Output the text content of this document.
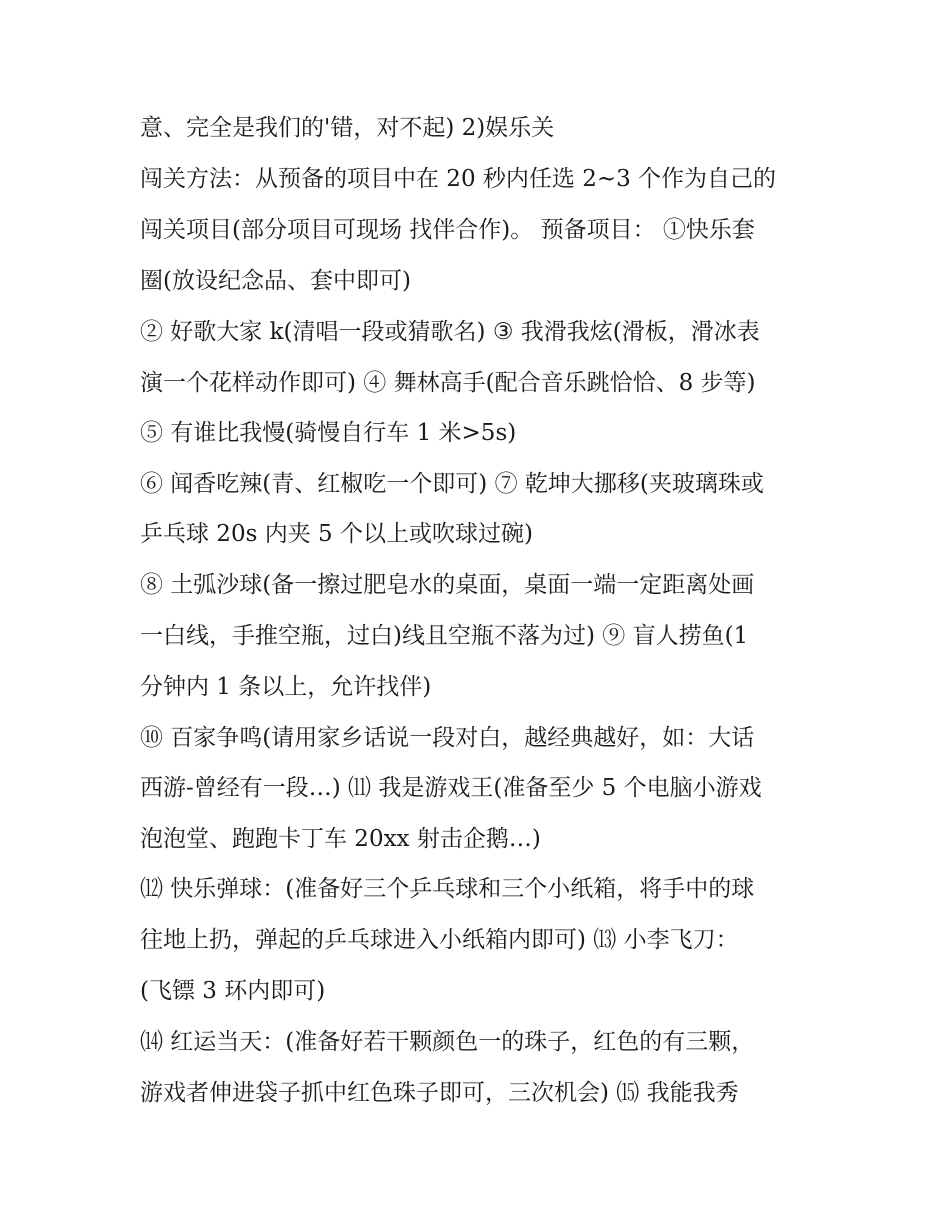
意、完全是我们的'错，对不起) 2)娱乐关
闯关方法：从预备的项目中在 20 秒内任选 2~3 个作为自己的
闯关项目(部分项目可现场 找伴合作)。 预备项目： ①快乐套
圈(放设纪念品、套中即可)
② 好歌大家 k(清唱一段或猜歌名) ③ 我滑我炫(滑板，滑冰表
演一个花样动作即可) ④ 舞林高手(配合音乐跳恰恰、8 步等)
⑤ 有谁比我慢(骑慢自行车 1 米>5s)
⑥ 闻香吃辣(青、红椒吃一个即可) ⑦ 乾坤大挪移(夹玻璃珠或
乒乓球 20s 内夹 5 个以上或吹球过碗)
⑧ 土弧沙球(备一擦过肥皂水的桌面，桌面一端一定距离处画
一白线，手推空瓶，过白)线且空瓶不落为过) ⑨ 盲人捞鱼(1
分钟内 1 条以上，允许找伴)
⑩ 百家争鸣(请用家乡话说一段对白，越经典越好，如：大话
西游-曾经有一段…) ⑾ 我是游戏王(准备至少 5 个电脑小游戏
泡泡堂、跑跑卡丁车 20xx 射击企鹅…)
⑿ 快乐弹球：(准备好三个乒乓球和三个小纸箱，将手中的球
往地上扔，弹起的乒乓球进入小纸箱内即可) ⒀ 小李飞刀：
(飞镖 3 环内即可)
⒁ 红运当天：(准备好若干颗颜色一的珠子，红色的有三颗，
游戏者伸进袋子抓中红色珠子即可，三次机会) ⒂ 我能我秀
